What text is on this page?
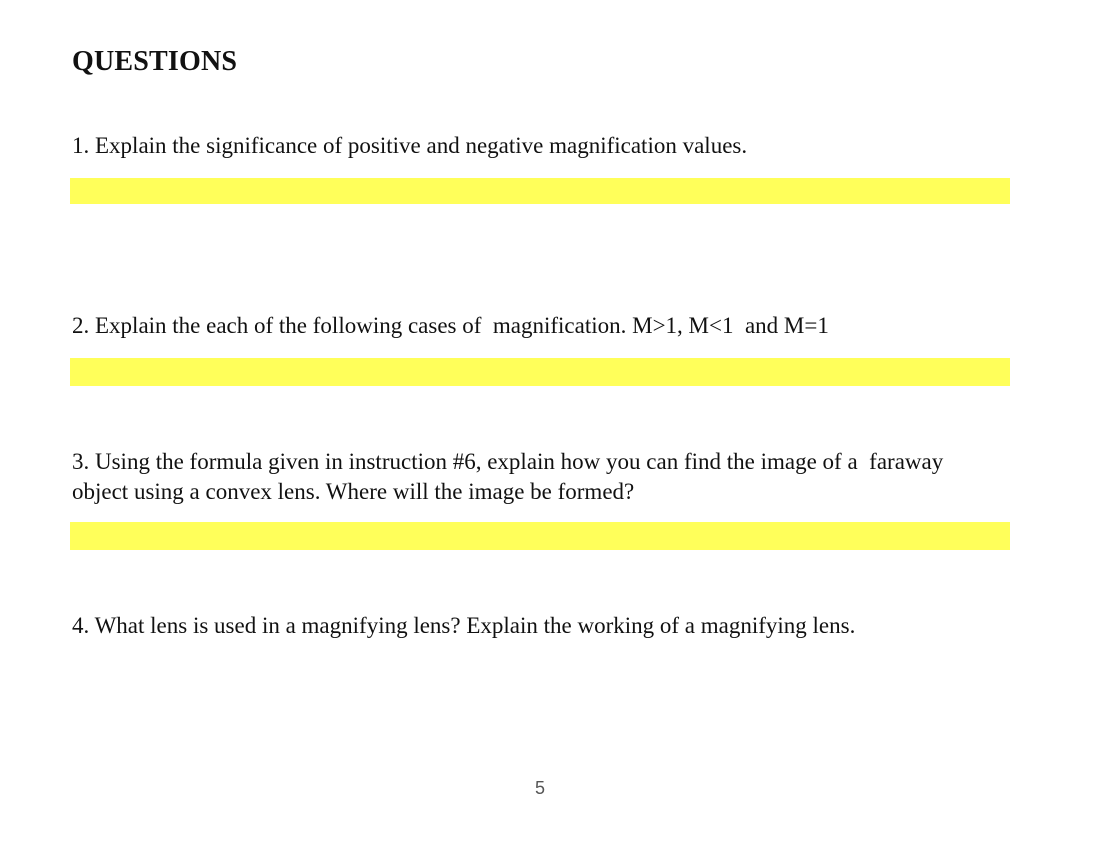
QUESTIONS

1. Explain the significance of positive and negative magnification values.

2. Explain the each of the following cases of  magnification. M>1, M<1  and M=1

3. Using the formula given in instruction #6, explain how you can find the image of a  faraway object using a convex lens. Where will the image be formed?

4. What lens is used in a magnifying lens? Explain the working of a magnifying lens.

5
